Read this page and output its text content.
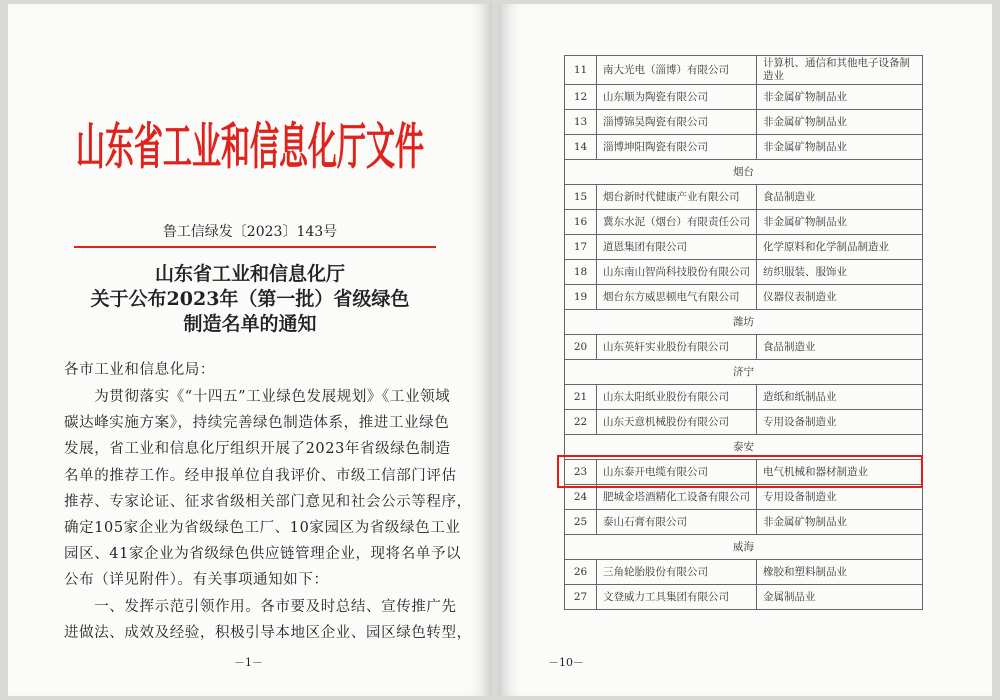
山东省工业和信息化厅文件
鲁工信绿发〔2023〕143号
山东省工业和信息化厅
关于公布2023年（第一批）省级绿色
制造名单的通知
各市工业和信息化局：
　　为贯彻落实《“十四五”工业绿色发展规划》《工业领域
碳达峰实施方案》，持续完善绿色制造体系，推进工业绿色
发展，省工业和信息化厅组织开展了2023年省级绿色制造
名单的推荐工作。经申报单位自我评价、市级工信部门评估
推荐、专家论证、征求省级相关部门意见和社会公示等程序，
确定105家企业为省级绿色工厂、10家园区为省级绿色工业
园区、41家企业为省级绿色供应链管理企业，现将名单予以
公布（详见附件）。有关事项通知如下：
　　一、发挥示范引领作用。各市要及时总结、宣传推广先
进做法、成效及经验，积极引导本地区企业、园区绿色转型，
－1－
11	南大光电（淄博）有限公司	计算机、通信和其他电子设备制造业
12	山东顺为陶瓷有限公司	非金属矿物制品业
13	淄博锦昊陶瓷有限公司	非金属矿物制品业
14	淄博坤阳陶瓷有限公司	非金属矿物制品业
烟台		
15	烟台新时代健康产业有限公司	食品制造业
16	冀东水泥（烟台）有限责任公司	非金属矿物制品业
17	道恩集团有限公司	化学原料和化学制品制造业
18	山东南山智尚科技股份有限公司	纺织服装、服饰业
19	烟台东方威思顿电气有限公司	仪器仪表制造业
潍坊		
20	山东英轩实业股份有限公司	食品制造业
济宁		
21	山东太阳纸业股份有限公司	造纸和纸制品业
22	山东天意机械股份有限公司	专用设备制造业
泰安		
23	山东泰开电缆有限公司	电气机械和器材制造业
24	肥城金塔酒精化工设备有限公司	专用设备制造业
25	泰山石膏有限公司	非金属矿物制品业
威海		
26	三角轮胎股份有限公司	橡胶和塑料制品业
27	文登威力工具集团有限公司	金属制品业
－10－
